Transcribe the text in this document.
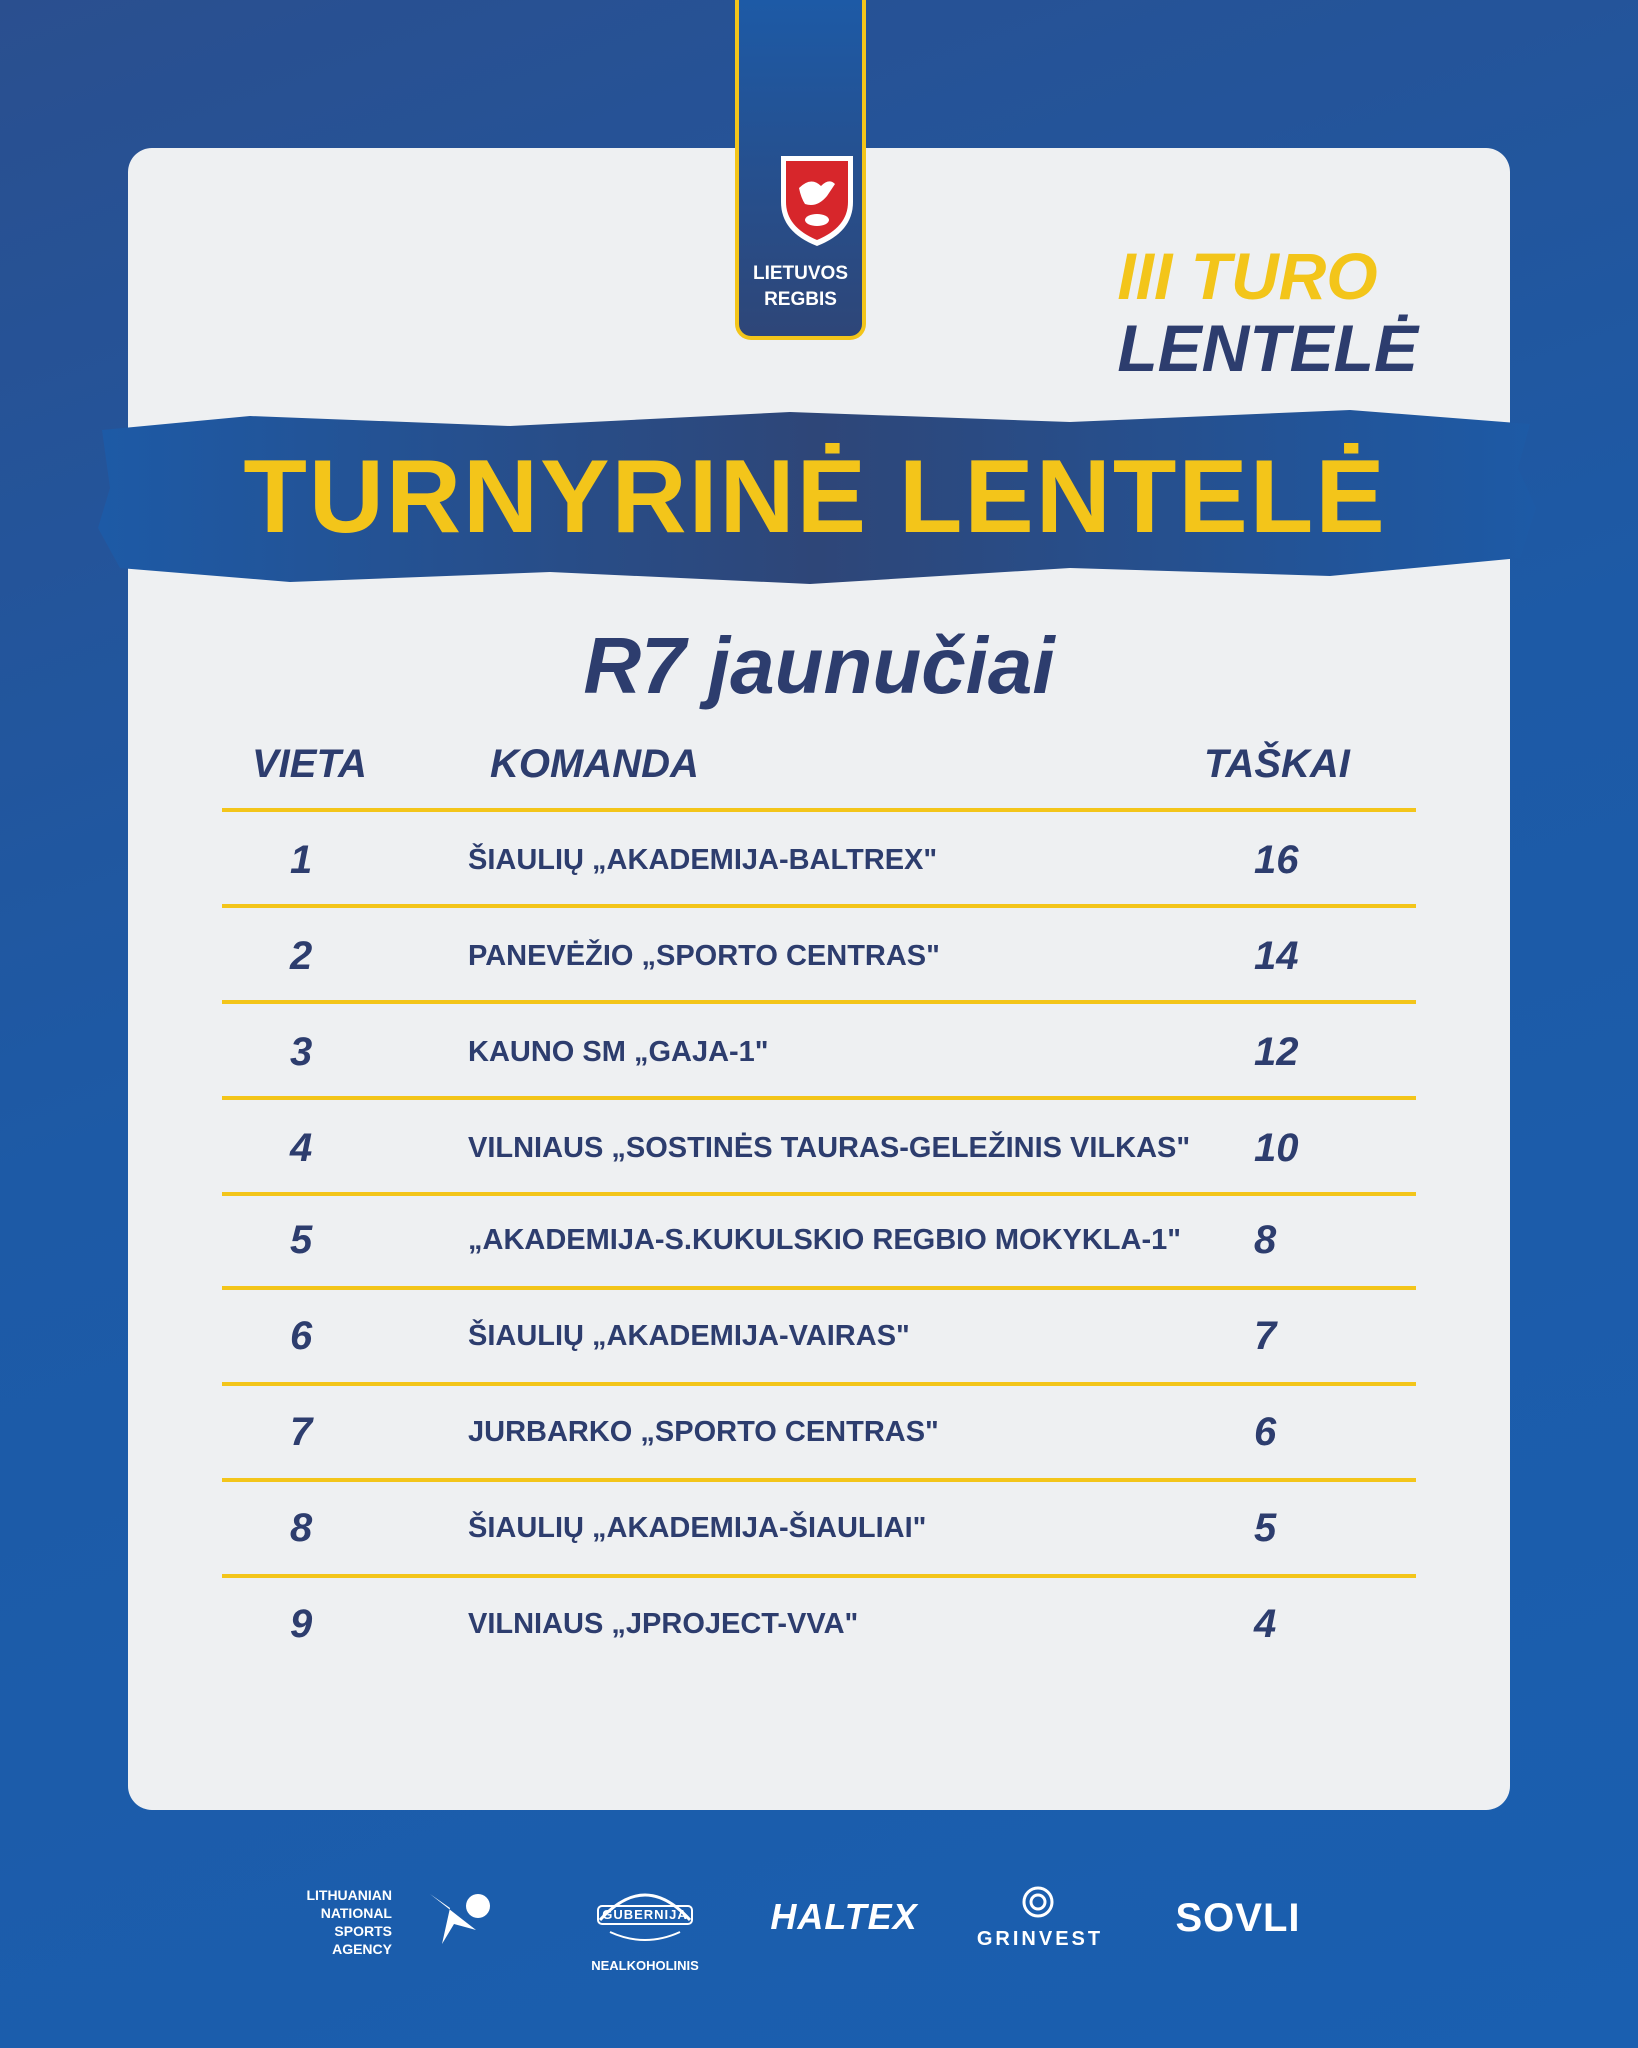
LIETUVOS
REGBIS	III TURO
LENTELĖ
TURNYRINĖ LENTELĖ
R7 jaunučiai
VIETA	KOMANDA	TAŠKAI
1	ŠIAULIŲ „AKADEMIJA-BALTREX"	16
2	PANEVĖŽIO „SPORTO CENTRAS"	14
3	KAUNO SM „GAJA-1"	12
4	VILNIAUS „SOSTINĖS TAURAS-GELEŽINIS VILKAS" 10
5	„AKADEMIJA-S.KUKULSKIO REGBIO MOKYKLA-1" 8
6	ŠIAULIŲ „AKADEMIJA-VAIRAS"	7
7	JURBARKO „SPORTO CENTRAS"	6
8	ŠIAULIŲ „AKADEMIJA-ŠIAULIAI"	5
9	VILNIAUS „JPROJECT-VVA"	4
LITHUANIAN
NATIONAL
SPORTS
AGENCY
GUBERNIJA
NEALKOHOLINIS
HALTEX
GRINVEST SOVLI
